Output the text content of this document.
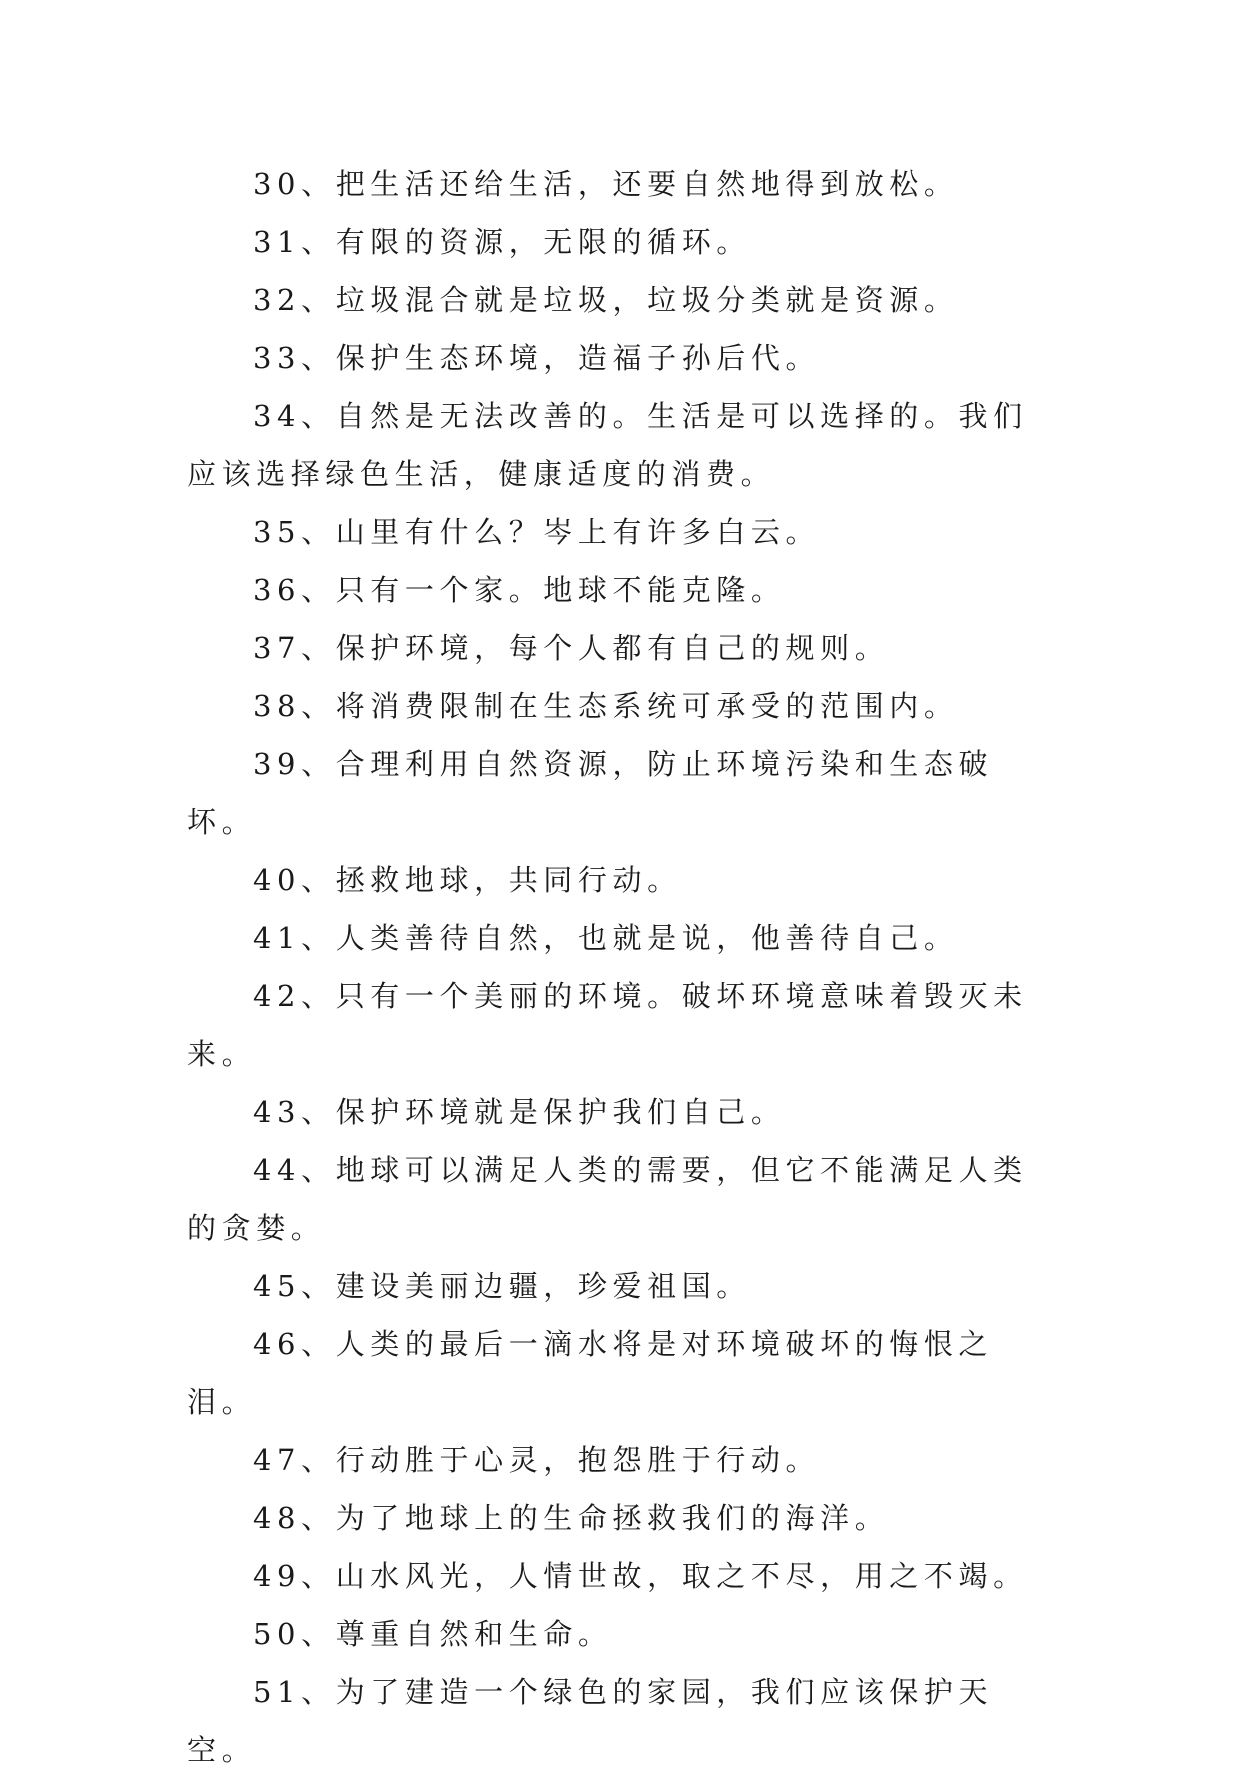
30、把生活还给生活，还要自然地得到放松。

31、有限的资源，无限的循环。

32、垃圾混合就是垃圾，垃圾分类就是资源。

33、保护生态环境，造福子孙后代。

34、自然是无法改善的。生活是可以选择的。我们应该选择绿色生活，健康适度的消费。

35、山里有什么？岑上有许多白云。

36、只有一个家。地球不能克隆。

37、保护环境，每个人都有自己的规则。

38、将消费限制在生态系统可承受的范围内。

39、合理利用自然资源，防止环境污染和生态破坏。

40、拯救地球，共同行动。

41、人类善待自然，也就是说，他善待自己。

42、只有一个美丽的环境。破坏环境意味着毁灭未来。

43、保护环境就是保护我们自己。

44、地球可以满足人类的需要，但它不能满足人类的贪婪。

45、建设美丽边疆，珍爱祖国。

46、人类的最后一滴水将是对环境破坏的悔恨之泪。

47、行动胜于心灵，抱怨胜于行动。

48、为了地球上的生命拯救我们的海洋。

49、山水风光，人情世故，取之不尽，用之不竭。

50、尊重自然和生命。

51、为了建造一个绿色的家园，我们应该保护天空。
